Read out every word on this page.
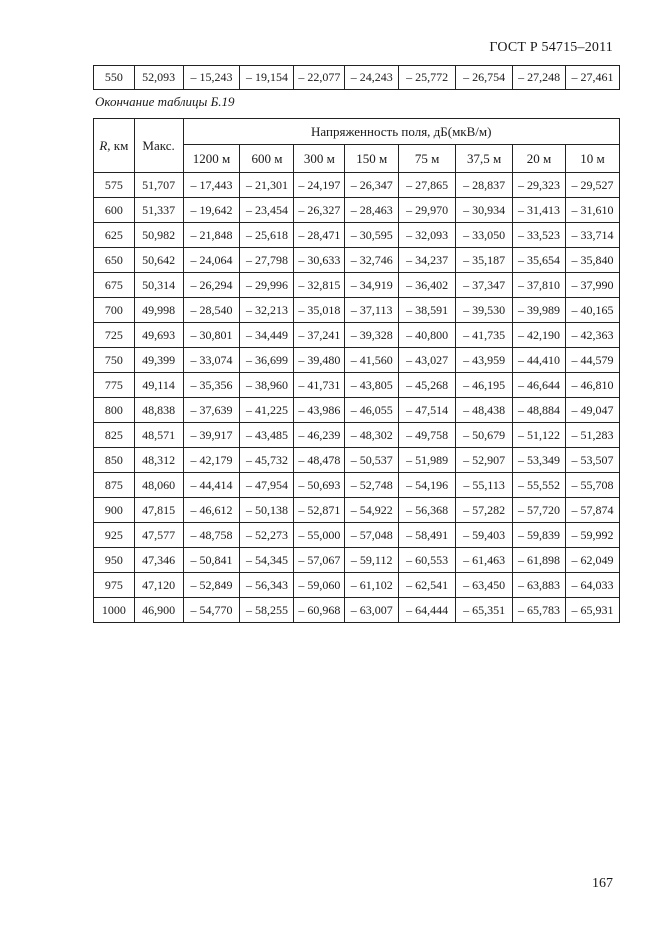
ГОСТ Р 54715–2011
550	52,093	– 15,243	– 19,154	– 22,077	– 24,243	– 25,772	– 26,754	– 27,248	– 27,461
Окончание таблицы Б.19
R, км	Макс.	Напряженность поля, дБ(мкВ/м)							
		1200 м	600 м	300 м	150 м	75 м	37,5 м	20 м	10 м
575	51,707	– 17,443	– 21,301	– 24,197	– 26,347	– 27,865	– 28,837	– 29,323	– 29,527
600	51,337	– 19,642	– 23,454	– 26,327	– 28,463	– 29,970	– 30,934	– 31,413	– 31,610
625	50,982	– 21,848	– 25,618	– 28,471	– 30,595	– 32,093	– 33,050	– 33,523	– 33,714
650	50,642	– 24,064	– 27,798	– 30,633	– 32,746	– 34,237	– 35,187	– 35,654	– 35,840
675	50,314	– 26,294	– 29,996	– 32,815	– 34,919	– 36,402	– 37,347	– 37,810	– 37,990
700	49,998	– 28,540	– 32,213	– 35,018	– 37,113	– 38,591	– 39,530	– 39,989	– 40,165
725	49,693	– 30,801	– 34,449	– 37,241	– 39,328	– 40,800	– 41,735	– 42,190	– 42,363
750	49,399	– 33,074	– 36,699	– 39,480	– 41,560	– 43,027	– 43,959	– 44,410	– 44,579
775	49,114	– 35,356	– 38,960	– 41,731	– 43,805	– 45,268	– 46,195	– 46,644	– 46,810
800	48,838	– 37,639	– 41,225	– 43,986	– 46,055	– 47,514	– 48,438	– 48,884	– 49,047
825	48,571	– 39,917	– 43,485	– 46,239	– 48,302	– 49,758	– 50,679	– 51,122	– 51,283
850	48,312	– 42,179	– 45,732	– 48,478	– 50,537	– 51,989	– 52,907	– 53,349	– 53,507
875	48,060	– 44,414	– 47,954	– 50,693	– 52,748	– 54,196	– 55,113	– 55,552	– 55,708
900	47,815	– 46,612	– 50,138	– 52,871	– 54,922	– 56,368	– 57,282	– 57,720	– 57,874
925	47,577	– 48,758	– 52,273	– 55,000	– 57,048	– 58,491	– 59,403	– 59,839	– 59,992
950	47,346	– 50,841	– 54,345	– 57,067	– 59,112	– 60,553	– 61,463	– 61,898	– 62,049
975	47,120	– 52,849	– 56,343	– 59,060	– 61,102	– 62,541	– 63,450	– 63,883	– 64,033
1000	46,900	– 54,770	– 58,255	– 60,968	– 63,007	– 64,444	– 65,351	– 65,783	– 65,931
167
